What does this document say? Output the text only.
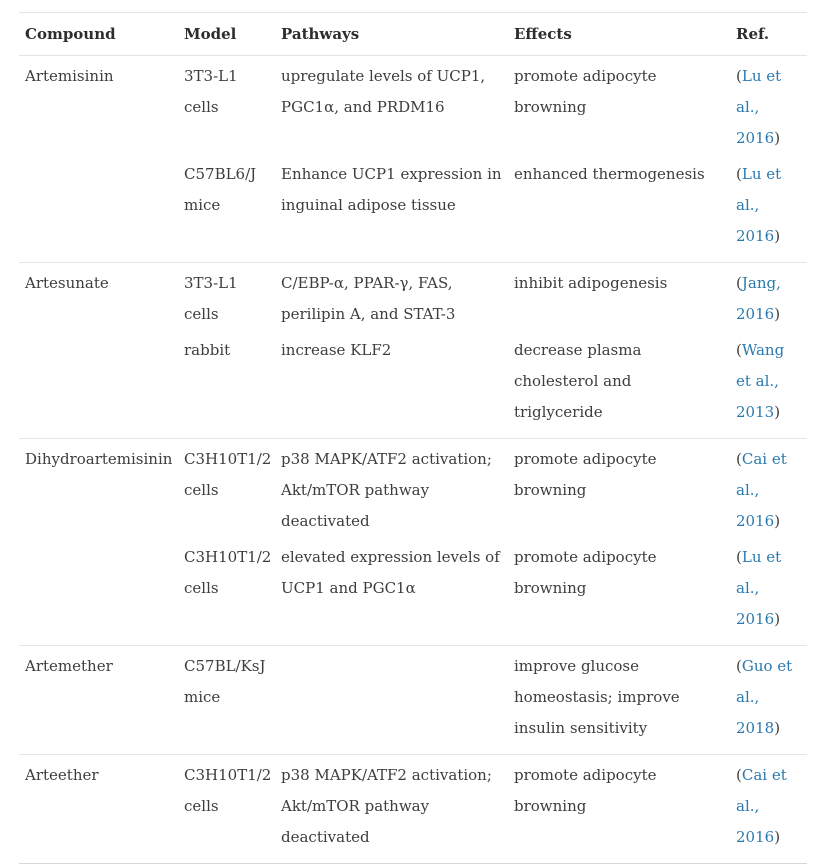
Compound	Model	Pathways	Effects	Ref.
Artemisinin	3T3-L1 cells	upregulate levels of UCP1, PGC1α, and PRDM16	promote adipocyte browning	(Lu et al., 2016)
	C57BL6/J mice	Enhance UCP1 expression in inguinal adipose tissue	enhanced thermogenesis	(Lu et al., 2016)
Artesunate	3T3-L1 cells	C/EBP-α, PPAR-γ, FAS, perilipin A, and STAT-3	inhibit adipogenesis	(Jang, 2016)
	rabbit	increase KLF2	decrease plasma cholesterol and triglyceride	(Wang et al., 2013)
Dihydroartemisinin	C3H10T1/2 cells	p38 MAPK/ATF2 activation; Akt/mTOR pathway deactivated	promote adipocyte browning	(Cai et al., 2016)
	C3H10T1/2 cells	elevated expression levels of UCP1 and PGC1α	promote adipocyte browning	(Lu et al., 2016)
Artemether	C57BL/KsJ mice		improve glucose homeostasis; improve insulin sensitivity	(Guo et al., 2018)
Arteether	C3H10T1/2 cells	p38 MAPK/ATF2 activation; Akt/mTOR pathway deactivated	promote adipocyte browning	(Cai et al., 2016)
